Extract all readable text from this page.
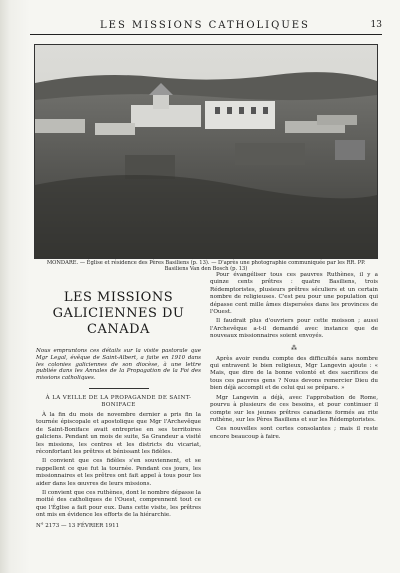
LES MISSIONS CATHOLIQUES	13
MONDARE. — Église et résidence des Pères Basiliens (p. 13). — D'après une photographie communiquée par les RR. PP. Basiliens Van den Bosch (p. 13)
LES MISSIONS GALICIENNES DU CANADA

Nous empruntons ces détails sur la visite pastorale que Mgr Legal, évêque de Saint-Albert, a faite en 1910 dans les colonies galiciennes de son diocèse, à une lettre publiée dans les Annales de la Propagation de la Foi des missions catholiques.

À LA VEILLE DE LA PROPAGANDE DE SAINT-BONIFACE

À la fin du mois de novembre dernier a pris fin la tournée épiscopale et apostolique que Mgr l'Archevêque de Saint-Boniface avait entreprise en ses territoires galiciens. Pendant un mois de suite, Sa Grandeur a visité les missions, les centres et les districts du vicariat, réconfortant les prêtres et bénissant les fidèles.

Il convient que ces fidèles s'en souviennent, et se rappellent ce que fut la tournée. Pendant ces jours, les missionnaires et les prêtres ont fait appel à tous pour les aider dans les œuvres de leurs missions.

Il convient que ces ruthènes, dont le nombre dépasse la moitié des catholiques de l'Ouest, comprennent tout ce que l'Église a fait pour eux. Dans cette visite, les prêtres ont mis en évidence les efforts de la hiérarchie.

N° 2173 — 13 FÉVRIER 1911

Pour évangéliser tous ces pauvres Ruthènes, il y a quinze cents prêtres : quatre Basiliens, trois Rédemptoristes, plusieurs prêtres séculiers et un certain nombre de religieuses. C'est peu pour une population qui dépasse cent mille âmes dispersées dans les provinces de l'Ouest.

Il faudrait plus d'ouvriers pour cette moisson ; aussi l'Archevêque a-t-il demandé avec instance que de nouveaux missionnaires soient envoyés.

⁂

Après avoir rendu compte des difficultés sans nombre qui entravent le bien religieux, Mgr Langevin ajoute : « Mais, que dire de la bonne volonté et des sacrifices de tous ces pauvres gens ? Nous devons remercier Dieu du bien déjà accompli et de celui qui se prépare. »

Mgr Langevin a déjà, avec l'approbation de Rome, pourvu à plusieurs de ces besoins, et pour continuer il compte sur les jeunes prêtres canadiens formés au rite ruthène, sur les Pères Basiliens et sur les Rédemptoristes.

Ces nouvelles sont certes consolantes ; mais il reste encore beaucoup à faire.
